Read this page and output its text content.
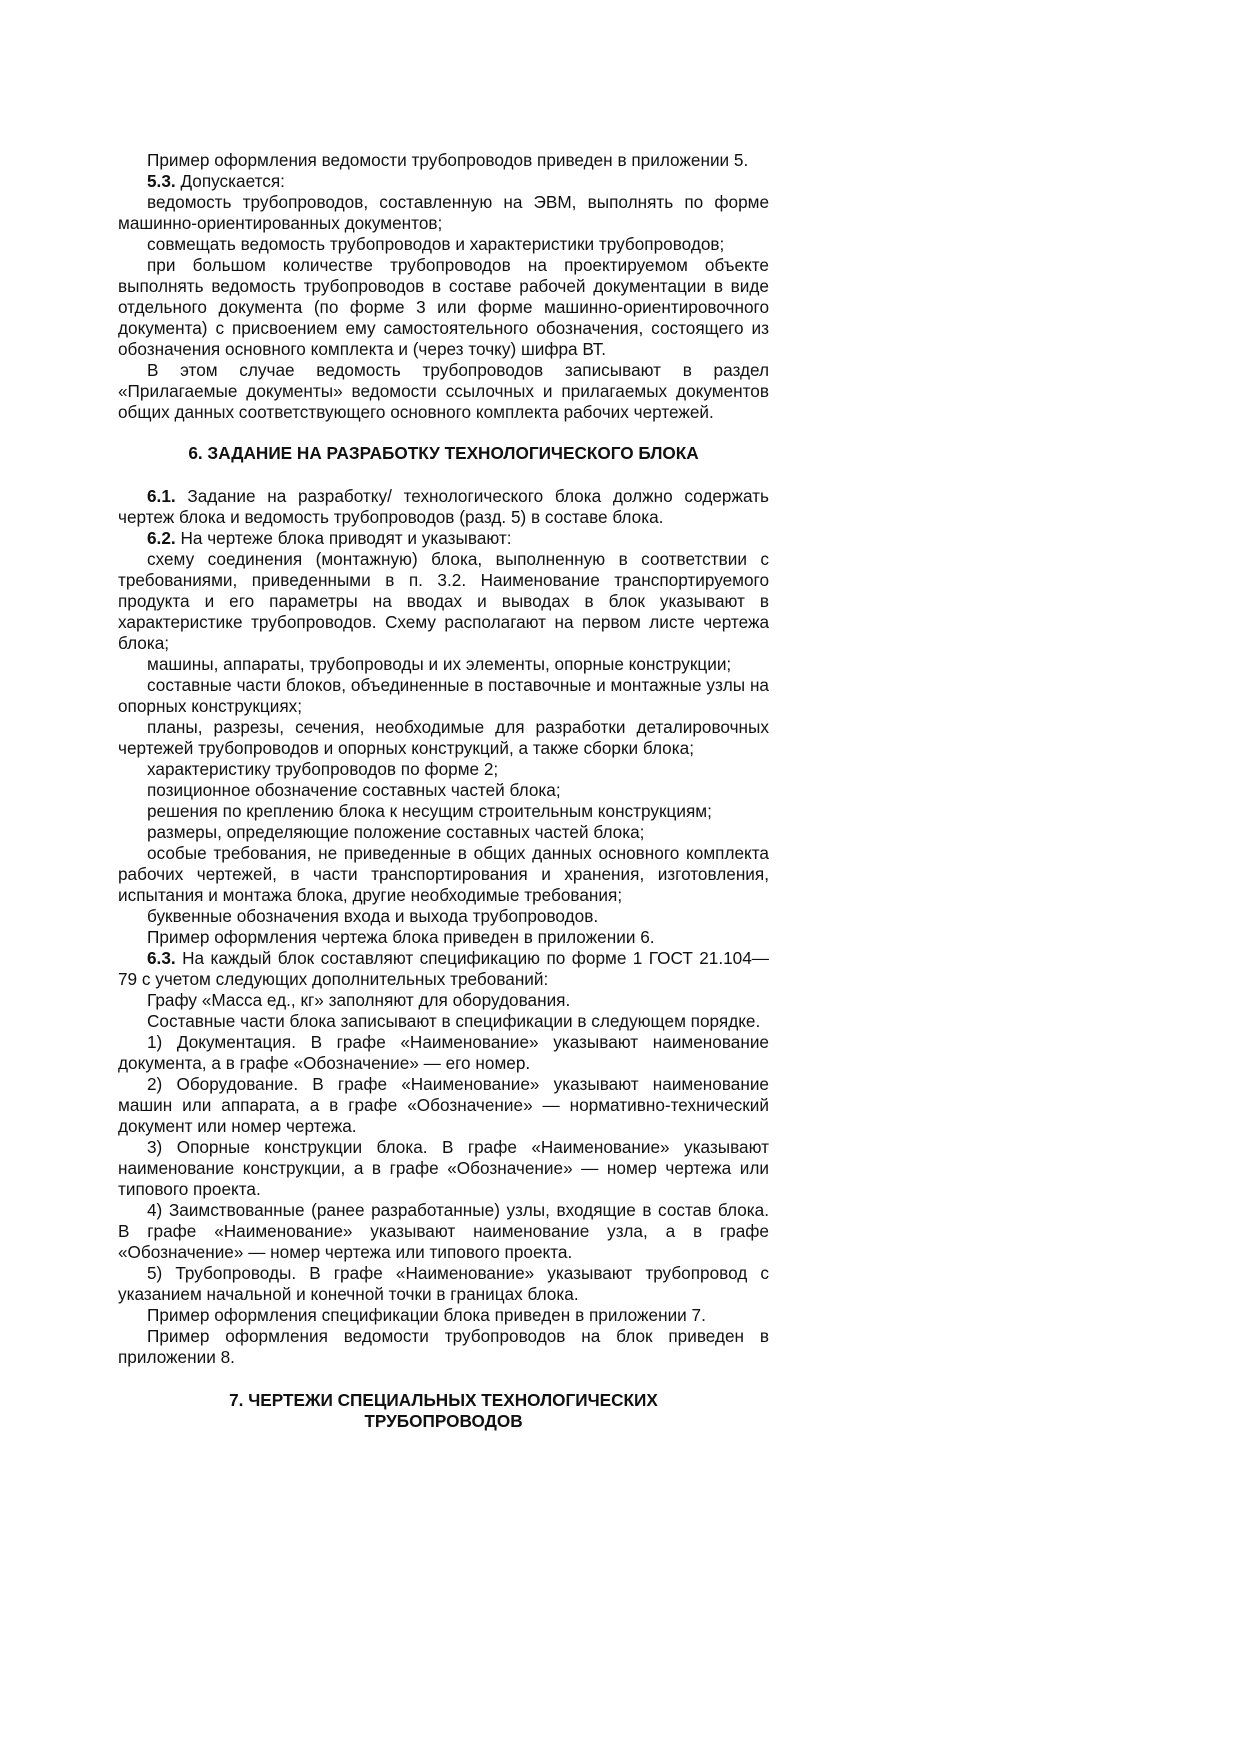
Пример оформления ведомости трубопроводов приведен в приложении 5.

5.3. Допускается:

ведомость трубопроводов, составленную на ЭВМ, выполнять по форме машинно-ориентированных документов;

совмещать ведомость трубопроводов и характеристики трубопроводов;

при большом количестве трубопроводов на проектируемом объекте выполнять ведомость трубопроводов в составе рабочей документации в виде отдельного документа (по форме 3 или форме машинно-ориентировочного документа) с присвоением ему самостоятельного обозначения, состоящего из обозначения основного комплекта и (через точку) шифра ВТ.

В этом случае ведомость трубопроводов записывают в раздел «Прилагаемые документы» ведомости ссылочных и прилагаемых документов общих данных соответствующего основного комплекта рабочих чертежей.

6. ЗАДАНИЕ НА РАЗРАБОТКУ ТЕХНОЛОГИЧЕСКОГО БЛОКА

6.1. Задание на разработку/ технологического блока должно содержать чертеж блока и ведомость трубопроводов (разд. 5) в составе блока.

6.2. На чертеже блока приводят и указывают:

схему соединения (монтажную) блока, выполненную в соответствии с требованиями, приведенными в п. 3.2. Наименование транспортируемого продукта и его параметры на вводах и выводах в блок указывают в характеристике трубопроводов. Схему располагают на первом листе чертежа блока;

машины, аппараты, трубопроводы и их элементы, опорные конструкции;

составные части блоков, объединенные в поставочные и монтажные узлы на опорных конструкциях;

планы, разрезы, сечения, необходимые для разработки деталировочных чертежей трубопроводов и опорных конструкций, а также сборки блока;

характеристику трубопроводов по форме 2;

позиционное обозначение составных частей блока;

решения по креплению блока к несущим строительным конструкциям;

размеры, определяющие положение составных частей блока;

особые требования, не приведенные в общих данных основного комплекта рабочих чертежей, в части транспортирования и хранения, изготовления, испытания и монтажа блока, другие необходимые требования;

буквенные обозначения входа и выхода трубопроводов.

Пример оформления чертежа блока приведен в приложении 6.

6.3. На каждый блок составляют спецификацию по форме 1 ГОСТ 21.104—79 с учетом следующих дополнительных требований:

Графу «Масса ед., кг» заполняют для оборудования.

Составные части блока записывают в спецификации в следующем порядке.

1) Документация. В графе «Наименование» указывают наименование документа, а в графе «Обозначение» — его номер.

2) Оборудование. В графе «Наименование» указывают наименование машин или аппарата, а в графе «Обозначение» — нормативно-технический документ или номер чертежа.

3) Опорные конструкции блока. В графе «Наименование» указывают наименование конструкции, а в графе «Обозначение» — номер чертежа или типового проекта.

4) Заимствованные (ранее разработанные) узлы, входящие в состав блока. В графе «Наименование» указывают наименование узла, а в графе «Обозначение» — номер чертежа или типового проекта.

5) Трубопроводы. В графе «Наименование» указывают трубопровод с указанием начальной и конечной точки в границах блока.

Пример оформления спецификации блока приведен в приложении 7.

Пример оформления ведомости трубопроводов на блок приведен в приложении 8.

7. ЧЕРТЕЖИ СПЕЦИАЛЬНЫХ ТЕХНОЛОГИЧЕСКИХ
ТРУБОПРОВОДОВ
